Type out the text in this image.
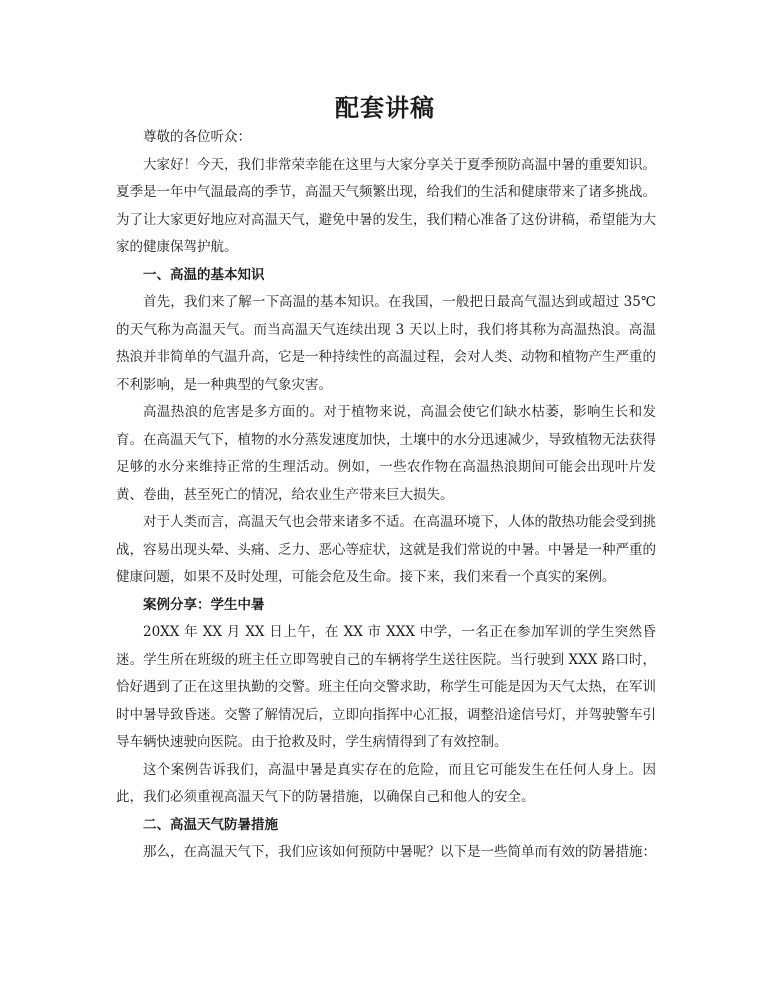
配套讲稿

尊敬的各位听众：

大家好！今天，我们非常荣幸能在这里与大家分享关于夏季预防高温中暑的重要知识。夏季是一年中气温最高的季节，高温天气频繁出现，给我们的生活和健康带来了诸多挑战。为了让大家更好地应对高温天气，避免中暑的发生，我们精心准备了这份讲稿，希望能为大家的健康保驾护航。

一、高温的基本知识

首先，我们来了解一下高温的基本知识。在我国，一般把日最高气温达到或超过 35℃的天气称为高温天气。而当高温天气连续出现 3 天以上时，我们将其称为高温热浪。高温热浪并非简单的气温升高，它是一种持续性的高温过程，会对人类、动物和植物产生严重的不利影响，是一种典型的气象灾害。

高温热浪的危害是多方面的。对于植物来说，高温会使它们缺水枯萎，影响生长和发育。在高温天气下，植物的水分蒸发速度加快，土壤中的水分迅速减少，导致植物无法获得足够的水分来维持正常的生理活动。例如，一些农作物在高温热浪期间可能会出现叶片发黄、卷曲，甚至死亡的情况，给农业生产带来巨大损失。

对于人类而言，高温天气也会带来诸多不适。在高温环境下，人体的散热功能会受到挑战，容易出现头晕、头痛、乏力、恶心等症状，这就是我们常说的中暑。中暑是一种严重的健康问题，如果不及时处理，可能会危及生命。接下来，我们来看一个真实的案例。

案例分享：学生中暑

20XX 年 XX 月 XX 日上午，在 XX 市 XXX 中学，一名正在参加军训的学生突然昏迷。学生所在班级的班主任立即驾驶自己的车辆将学生送往医院。当行驶到 XXX 路口时，恰好遇到了正在这里执勤的交警。班主任向交警求助，称学生可能是因为天气太热，在军训时中暑导致昏迷。交警了解情况后，立即向指挥中心汇报，调整沿途信号灯，并驾驶警车引导车辆快速驶向医院。由于抢救及时，学生病情得到了有效控制。

这个案例告诉我们，高温中暑是真实存在的危险，而且它可能发生在任何人身上。因此，我们必须重视高温天气下的防暑措施，以确保自己和他人的安全。

二、高温天气防暑措施

那么，在高温天气下，我们应该如何预防中暑呢？以下是一些简单而有效的防暑措施：
